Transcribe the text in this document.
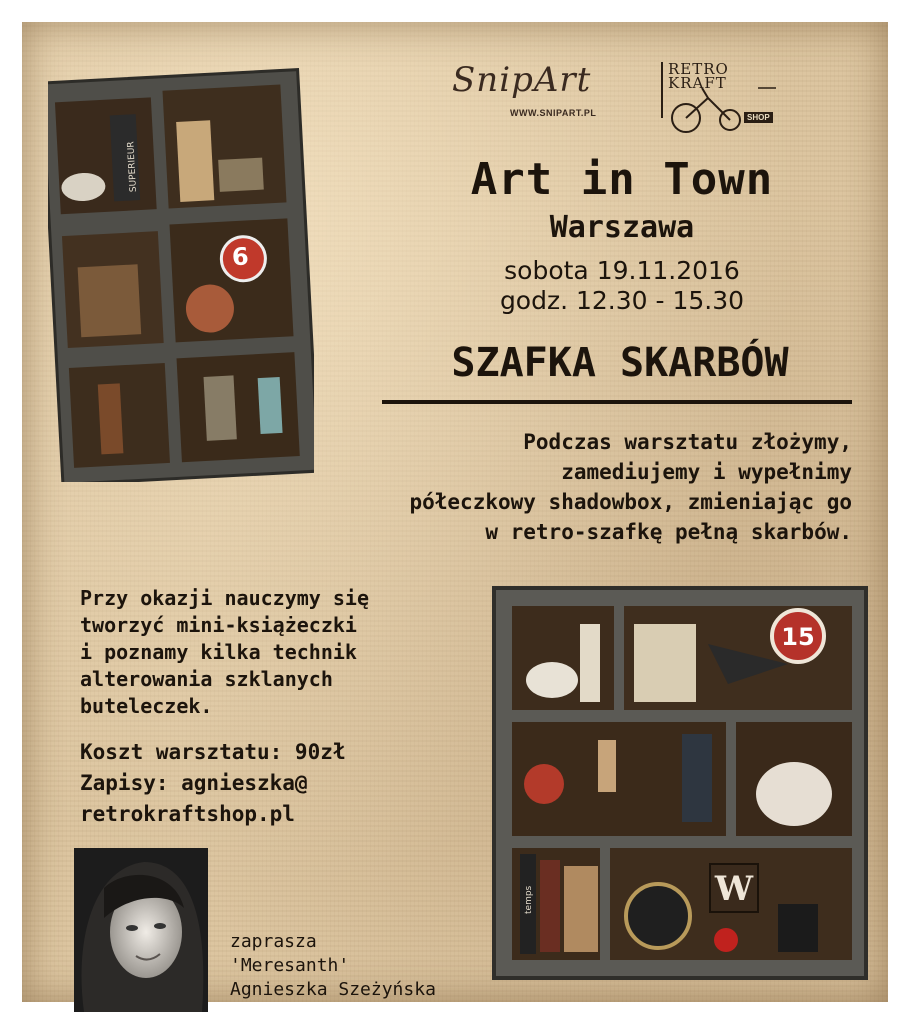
6
SUPERIEUR
15
W
temps
SnipArt
WWW.SNIPART.PL
RETRO KRAFT
SHOP
Art in Town
Warszawa
sobota 19.11.2016
godz. 12.30 - 15.30
SZAFKA SKARBÓW
Podczas warsztatu złożymy,
zamediujemy i wypełnimy
półeczkowy shadowbox, zmieniając go
w retro-szafkę pełną skarbów.
Przy okazji nauczymy się
tworzyć mini-książeczki
i poznamy kilka technik
alterowania szklanych
buteleczek.
Koszt warsztatu: 90zł
Zapisy: agnieszka@
retrokraftshop.pl
zaprasza
'Meresanth'
Agnieszka Szeżyńska
